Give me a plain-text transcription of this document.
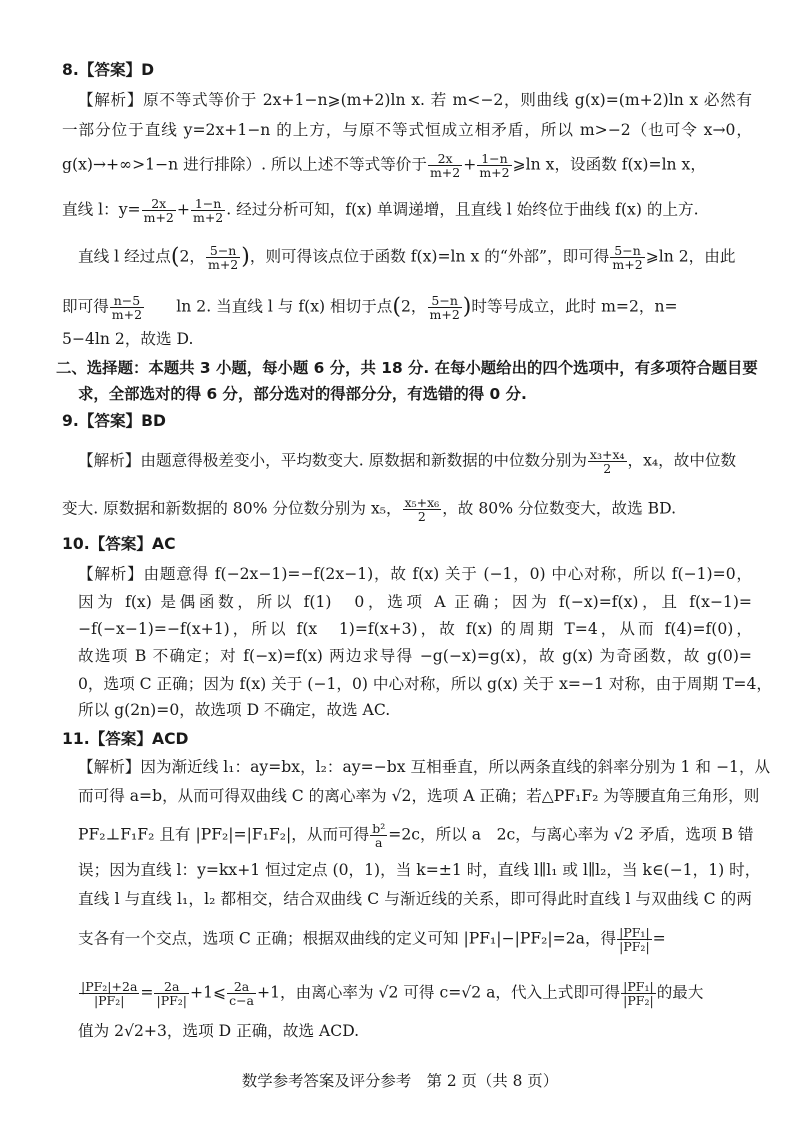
8.【答案】D
【解析】原不等式等价于 2x+1−n⩾(m+2)ln x. 若 m<−2，则曲线 g(x)=(m+2)ln x 必然有
一部分位于直线 y=2x+1−n 的上方，与原不等式恒成立相矛盾，所以 m>−2（也可令 x→0，
g(x)→+∞>1−n 进行排除）. 所以上述不等式等价于 $\frac{2x}{m+2} + \frac{1-n}{m+2}$ ⩾ln x，设函数 f(x)=ln x，
直线 l：$y= \frac{2x}{m+2} + \frac{1-n}{m+2}$ . 经过分析可知，f(x) 单调递增，且直线 l 始终位于曲线 f(x) 的上方.
直线 l 经过点(2， $\frac{5-n}{m+2}$ )，则可得该点位于函数 f(x)=ln x 的“外部”，即可得 $\frac{5-n}{m+2}$ ⩾ln 2，由此
即可得 $\frac{n-5}{m+2}$
　　 ln 2. 当直线 l 与 f(x) 相切于点(2， $\frac{5-n}{m+2}$ )时等号成立，此时 m=2，n=
5−4ln 2，故选 D.
二、选择题：本题共 3 小题，每小题 6 分，共 18 分. 在每小题给出的四个选项中，有多项符合题目要
求，全部选对的得 6 分，部分选对的得部分分，有选错的得 0 分.
9.【答案】BD
【解析】由题意得极差变小，平均数变大. 原数据和新数据的中位数分别为 $\frac{\text{x₃+x₄}}{2}$ ，x₄，故中位数
变大. 原数据和新数据的 80% 分位数分别为 x₅， $\frac{\text{x₅+x₆}}{2}$ ，故 80% 分位数变大，故选 BD.
10.【答案】AC
【解析】由题意得 f(−2x−1)=−f(2x−1)，故 f(x) 关于 (−1，0) 中心对称，所以 f(−1)=0，
因为 f(x) 是偶函数，所以 f(1)　0，选项 A 正确；因为 f(−x)=f(x)，且 f(x−1)=
−f(−x−1)=−f(x+1)，所以 f(x　1)=f(x+3)，故 f(x) 的周期 T=4，从而 f(4)=f(0)，
故选项 B 不确定；对 f(−x)=f(x) 两边求导得 −g(−x)=g(x)，故 g(x) 为奇函数，故 g(0)=
0，选项 C 正确；因为 f(x) 关于 (−1，0) 中心对称，所以 g(x) 关于 x=−1 对称，由于周期 T=4，
所以 g(2n)=0，故选项 D 不确定，故选 AC.
11.【答案】ACD
【解析】因为渐近线 l₁：ay=bx，l₂：ay=−bx 互相垂直，所以两条直线的斜率分别为 1 和 −1，从
而可得 a=b，从而可得双曲线 C 的离心率为 √2，选项 A 正确；若△PF₁F₂ 为等腰直角三角形，则
PF₂⊥F₁F₂ 且有 |PF₂|=|F₁F₂|，从而可得 $\frac{\text{b²}}{a} =2c$，所以 a　2c，与离心率为 √2 矛盾，选项 B 错
误；因为直线 l：y=kx+1 恒过定点 (0，1)，当 k=±1 时，直线 l∥l₁ 或 l∥l₂，当 k∈(−1，1) 时，
直线 l 与直线 l₁，l₂ 都相交，结合双曲线 C 与渐近线的关系，即可得此时直线 l 与双曲线 C 的两
支各有一个交点，选项 C 正确；根据双曲线的定义可知 |PF₁|−|PF₂|=2a，得 $\frac{\text{|PF₁|}}{\text{|PF₂|}}$ =
$\frac{\text{|PF₂|+2a}}{\text{|PF₂|}} = \frac{2a}{\text{|PF₂|}}$ +1⩽ $\frac{2a}{c-a} +1$，由离心率为 √2 可得 c=√2 a，代入上式即可得 $\frac{\text{|PF₁|}}{\text{|PF₂|}}$ 的最大
值为 2√2+3，选项 D 正确，故选 ACD.
数学参考答案及评分参考　第 2 页（共 8 页）
